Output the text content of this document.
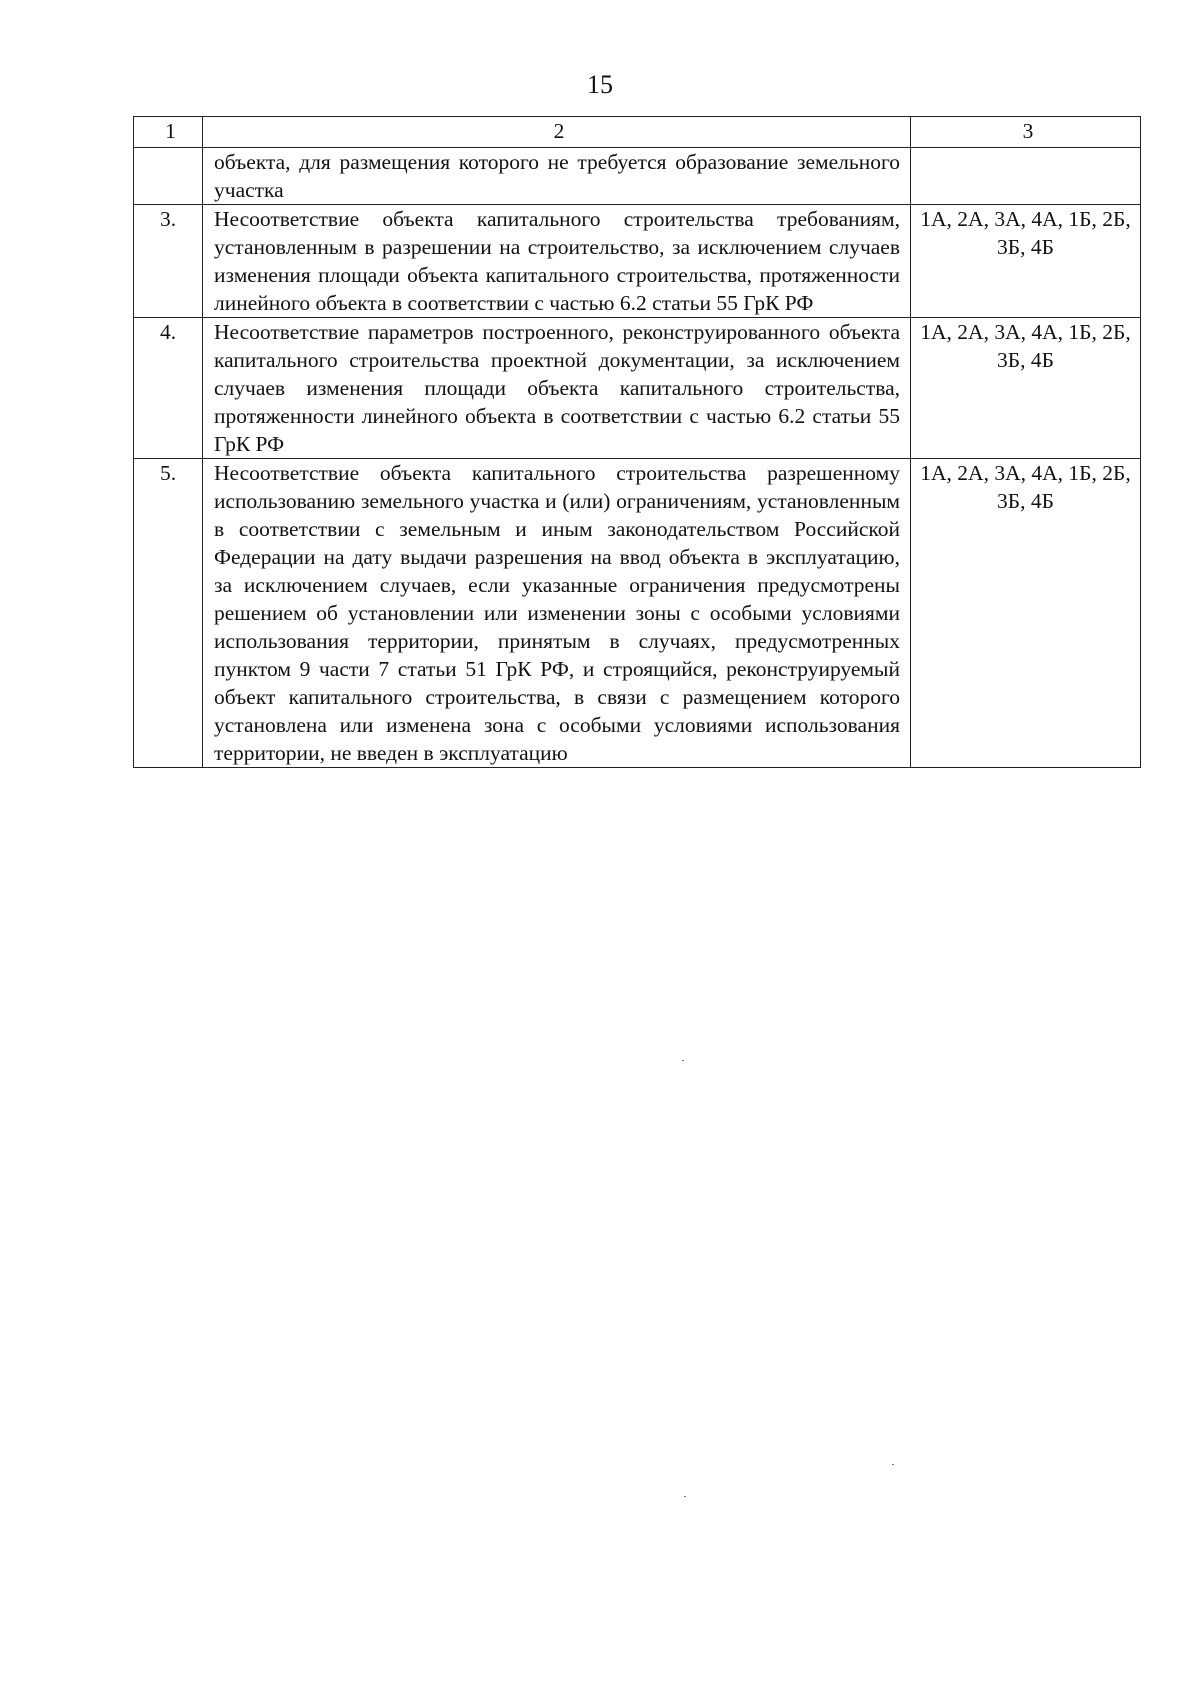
15
1	2	3
	объекта, для размещения которого не требуется образование земельного участка	
3.	Несоответствие объекта капитального строительства требованиям, установленным в разрешении на строительство, за исключением случаев изменения площади объекта капитального строительства, протяженности линейного объекта в соответствии с частью 6.2 статьи 55 ГрК РФ	1А, 2А, 3А, 4А, 1Б, 2Б, 3Б, 4Б
4.	Несоответствие параметров построенного, реконструированного объекта капитального строительства проектной документации, за исключением случаев изменения площади объекта капитального строительства, протяженности линейного объекта в соответствии с частью 6.2 статьи 55 ГрК РФ	1А, 2А, 3А, 4А, 1Б, 2Б, 3Б, 4Б
5.	Несоответствие объекта капитального строительства разрешенному использованию земельного участка и (или) ограничениям, установленным в соответствии с земельным и иным законодательством Российской Федерации на дату выдачи разрешения на ввод объекта в эксплуатацию, за исключением случаев, если указанные ограничения предусмотрены решением об установлении или изменении зоны с особыми условиями использования территории, принятым в случаях, предусмотренных пунктом 9 части 7 статьи 51 ГрК РФ, и строящийся, реконструируемый объект капитального строительства, в связи с размещением которого установлена или изменена зона с особыми условиями использования территории, не введен в эксплуатацию	1А, 2А, 3А, 4А, 1Б, 2Б, 3Б, 4Б
